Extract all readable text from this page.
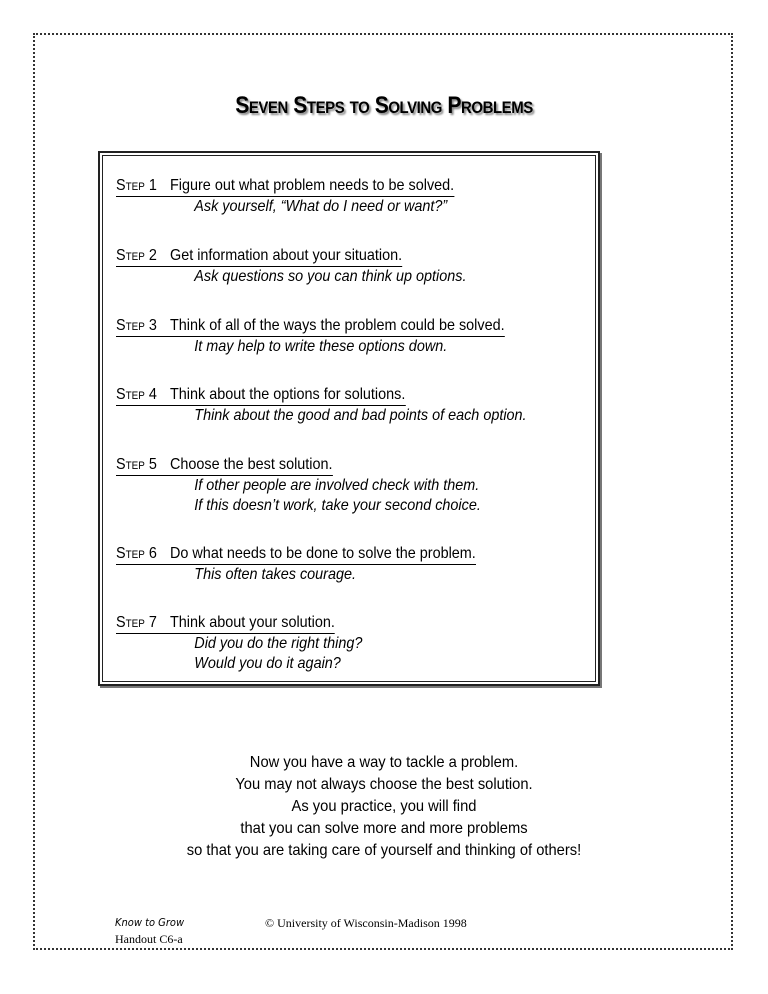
Seven Steps to Solving Problems
Step 1 Figure out what problem needs to be solved.
Ask yourself, “What do I need or want?”
Step 2 Get information about your situation.
Ask questions so you can think up options.
Step 3 Think of all of the ways the problem could be solved.
It may help to write these options down.
Step 4 Think about the options for solutions.
Think about the good and bad points of each option.
Step 5 Choose the best solution.
If other people are involved check with them.
If this doesn’t work, take your second choice.
Step 6 Do what needs to be done to solve the problem.
This often takes courage.
Step 7 Think about your solution.
Did you do the right thing?
Would you do it again?
Now you have a way to tackle a problem.
You may not always choose the best solution.
As you practice, you will find
that you can solve more and more problems
so that you are taking care of yourself and thinking of others!
Know to Grow
Handout C6-a
© University of Wisconsin-Madison 1998
